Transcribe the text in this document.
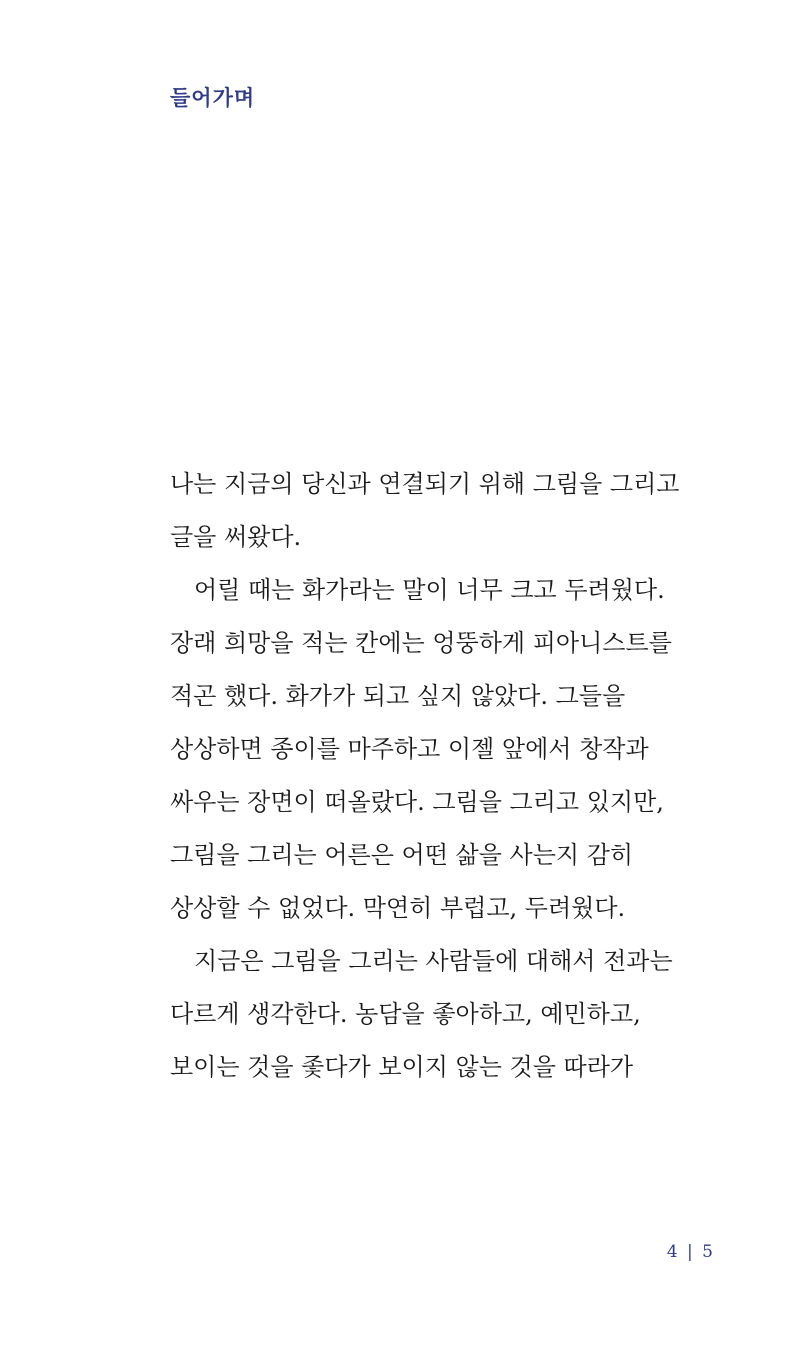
들어가며
나는 지금의 당신과 연결되기 위해 그림을 그리고
글을 써왔다.
어릴 때는 화가라는 말이 너무 크고 두려웠다.
장래 희망을 적는 칸에는 엉뚱하게 피아니스트를
적곤 했다. 화가가 되고 싶지 않았다. 그들을
상상하면 종이를 마주하고 이젤 앞에서 창작과
싸우는 장면이 떠올랐다. 그림을 그리고 있지만,
그림을 그리는 어른은 어떤 삶을 사는지 감히
상상할 수 없었다. 막연히 부럽고, 두려웠다.
지금은 그림을 그리는 사람들에 대해서 전과는
다르게 생각한다. 농담을 좋아하고, 예민하고,
보이는 것을 좇다가 보이지 않는 것을 따라가
4 | 5
